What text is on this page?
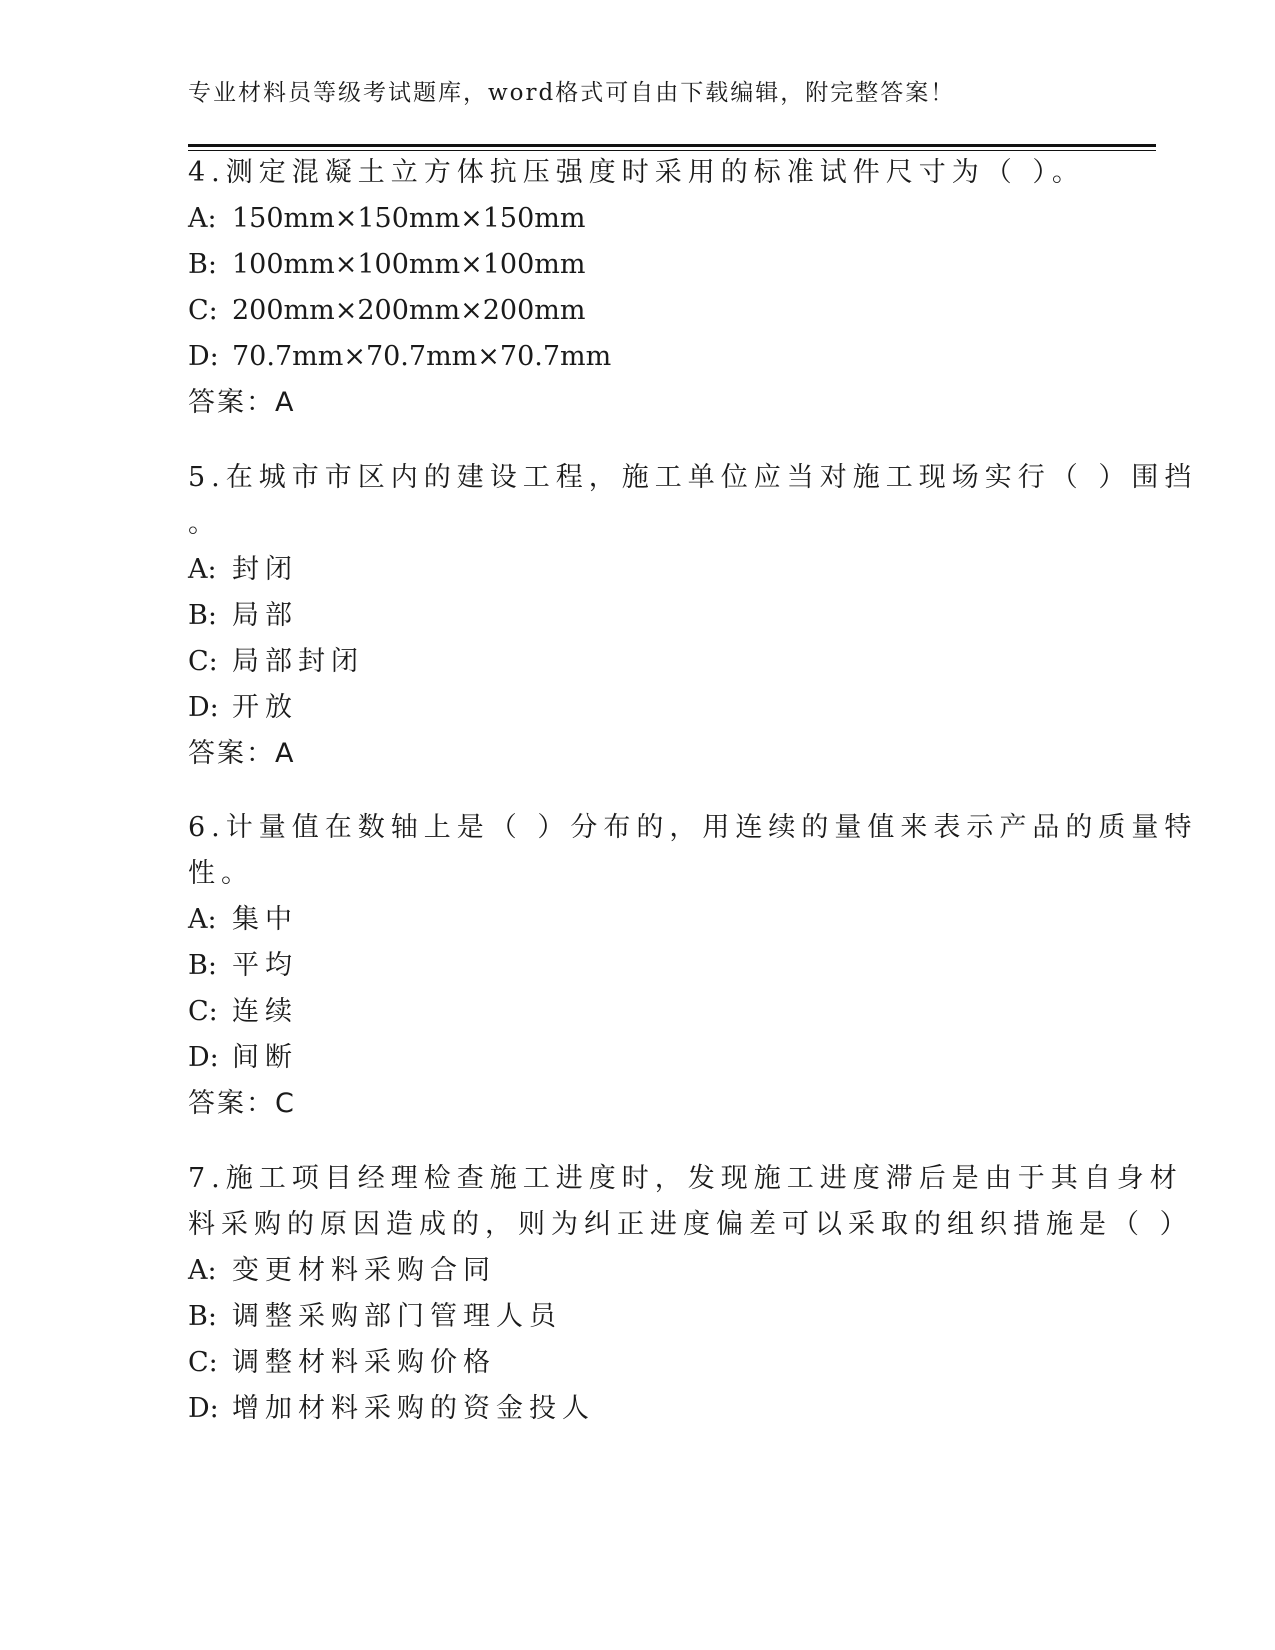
专业材料员等级考试题库，word格式可自由下载编辑，附完整答案！
4.测定混凝土立方体抗压强度时采用的标准试件尺寸为（ ）。
A: 150mm×150mm×150mm
B: 100mm×100mm×100mm
C: 200mm×200mm×200mm
D: 70.7mm×70.7mm×70.7mm
答案：A
5.在城市市区内的建设工程，施工单位应当对施工现场实行（ ）围挡
。
A: 封闭
B: 局部
C: 局部封闭
D: 开放
答案：A
6.计量值在数轴上是（ ）分布的，用连续的量值来表示产品的质量特
性。
A: 集中
B: 平均
C: 连续
D: 间断
答案：C
7.施工项目经理检查施工进度时，发现施工进度滞后是由于其自身材
料采购的原因造成的，则为纠正进度偏差可以采取的组织措施是（ ）
A: 变更材料采购合同
B: 调整采购部门管理人员
C: 调整材料采购价格
D: 增加材料采购的资金投人
